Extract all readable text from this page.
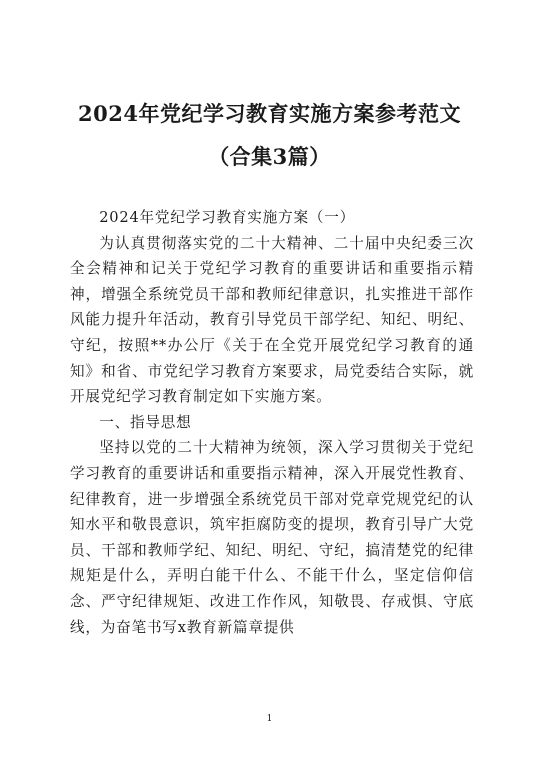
2024年党纪学习教育实施方案参考范文
（合集3篇）

2024年党纪学习教育实施方案（一）

为认真贯彻落实党的二十大精神、二十届中央纪委三次全会精神和记关于党纪学习教育的重要讲话和重要指示精神，增强全系统党员干部和教师纪律意识，扎实推进干部作风能力提升年活动，教育引导党员干部学纪、知纪、明纪、守纪，按照**办公厅《关于在全党开展党纪学习教育的通知》和省、市党纪学习教育方案要求，局党委结合实际，就开展党纪学习教育制定如下实施方案。

一、指导思想

坚持以党的二十大精神为统领，深入学习贯彻关于党纪学习教育的重要讲话和重要指示精神，深入开展党性教育、纪律教育，进一步增强全系统党员干部对党章党规党纪的认知水平和敬畏意识，筑牢拒腐防变的提坝，教育引导广大党员、干部和教师学纪、知纪、明纪、守纪，搞清楚党的纪律规矩是什么，弄明白能干什么、不能干什么，坚定信仰信念、严守纪律规矩、改进工作作风，知敬畏、存戒惧、守底线，为奋笔书写x教育新篇章提供

1
